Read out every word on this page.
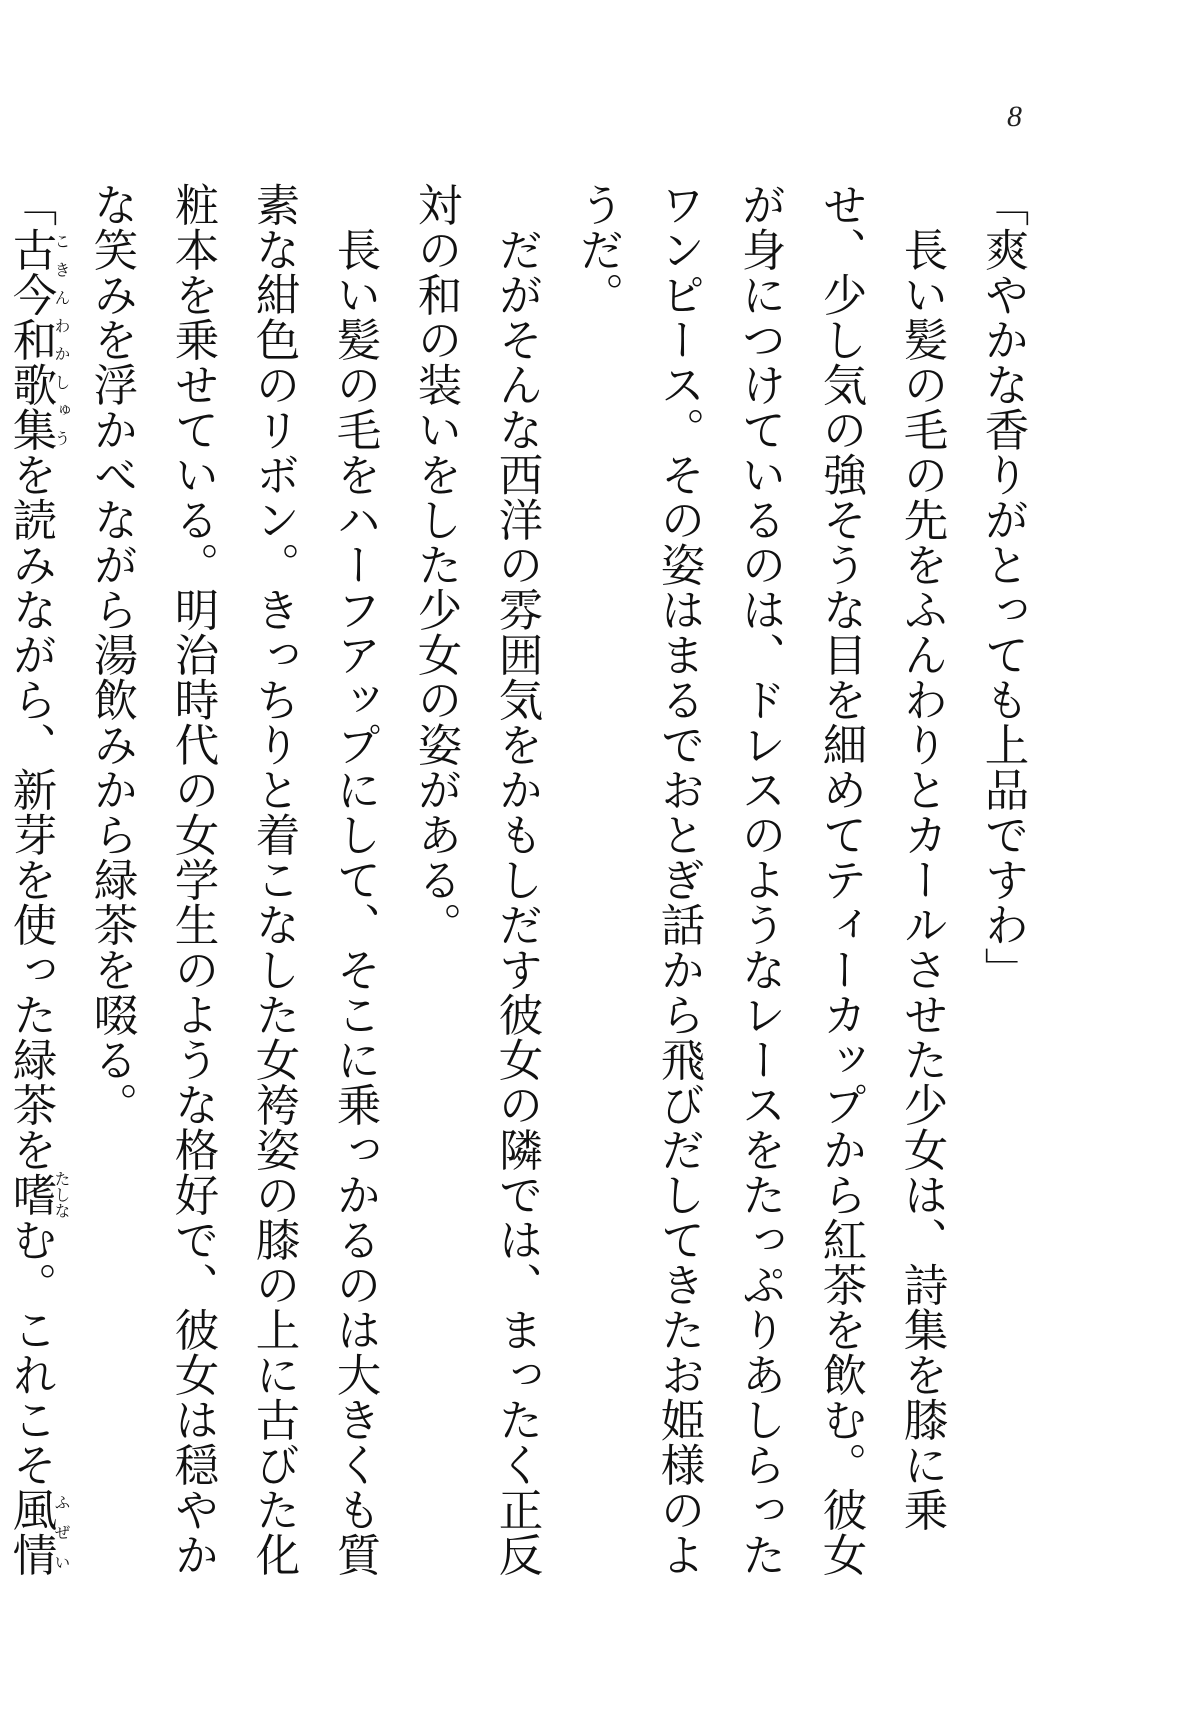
8

「爽やかな香りがとっても上品ですわ」

長い髪の毛の先をふんわりとカールさせた少女は、詩集を膝に乗せ、少し気の強そうな目を細めてティーカップから紅茶を飲む。彼女が身につけているのは、ドレスのようなレースをたっぷりあしらったワンピース。その姿はまるでおとぎ話から飛びだしてきたお姫様のようだ。

だがそんな西洋の雰囲気をかもしだす彼女の隣では、まったく正反対の和の装いをした少女の姿がある。

長い髪の毛をハーフアップにして、そこに乗っかるのは大きくも質素な紺色のリボン。きっちりと着こなした女袴姿の膝の上に古びた化粧本を乗せている。明治時代の女学生のような格好で、彼女は穏やかな笑みを浮かべながら湯飲みから緑茶を啜る。

「古今和歌集こきんわかしゅうを読みながら、新芽を使った緑茶を嗜たしなむ。これこそ風情ふぜい
